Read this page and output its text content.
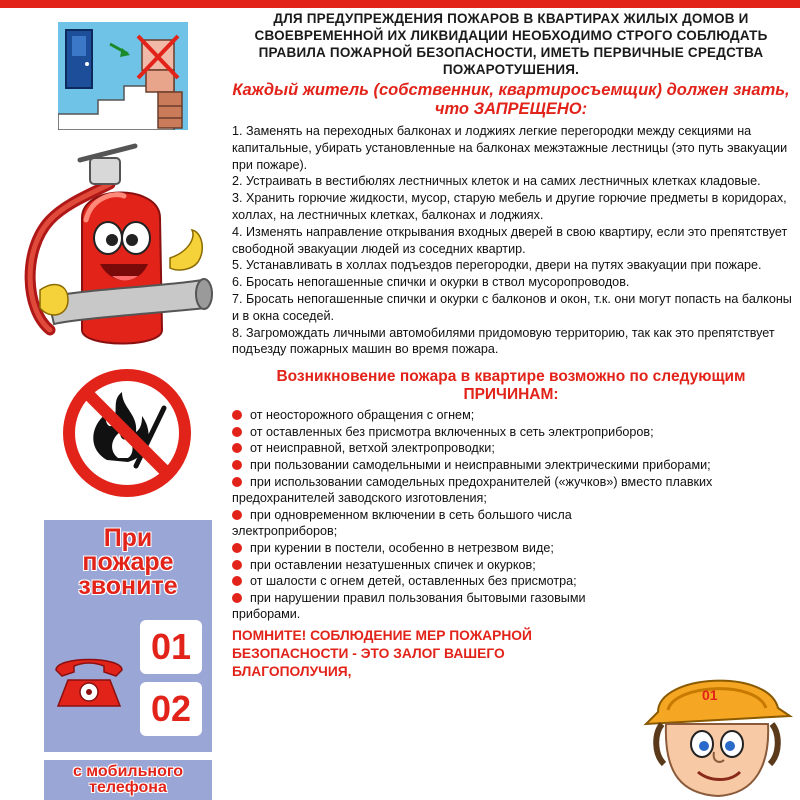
При
пожаре
звоните
01
02
с мобильного
телефона

ДЛЯ ПРЕДУПРЕЖДЕНИЯ ПОЖАРОВ В КВАРТИРАХ ЖИЛЫХ ДОМОВ И СВОЕВРЕМЕННОЙ ИХ ЛИКВИДАЦИИ НЕОБХОДИМО СТРОГО СОБЛЮДАТЬ ПРАВИЛА ПОЖАРНОЙ БЕЗОПАСНОСТИ, ИМЕТЬ ПЕРВИЧНЫЕ СРЕДСТВА ПОЖАРОТУШЕНИЯ.

Каждый житель (собственник, квартиросъемщик) должен знать, что ЗАПРЕЩЕНО:

1. Заменять на переходных балконах и лоджиях легкие перегородки между секциями на капитальные, убирать установленные на балконах межэтажные лестницы (это путь эвакуации при пожаре).
2. Устраивать в вестибюлях лестничных клеток и на самих лестничных клетках кладовые.
3. Хранить горючие жидкости, мусор, старую мебель и другие горючие предметы в коридорах, холлах, на лестничных клетках, балконах и лоджиях.
4. Изменять направление открывания входных дверей в свою квартиру, если это препятствует свободной эвакуации людей из соседних квартир.
5. Устанавливать в холлах подъездов перегородки, двери на путях эвакуации при пожаре.
6. Бросать непогашенные спички и окурки в ствол мусоропроводов.
7. Бросать непогашенные спички и окурки с балконов и окон, т.к. они могут попасть на балконы и в окна соседей.
8. Загромождать личными автомобилями придомовую территорию, так как это препятствует подъезду пожарных машин во время пожара.

Возникновение пожара в квартире возможно по следующим ПРИЧИНАМ:

от неосторожного обращения с огнем;
от оставленных без присмотра включенных в сеть электроприборов;
от неисправной, ветхой электропроводки;
при пользовании самодельными и неисправными электрическими приборами;
при использовании самодельных предохранителей («жучков») вместо плавких предохранителей заводского изготовления;
при одновременном включении в сеть большого числа электроприборов;
при курении в постели, особенно в нетрезвом виде;
при оставлении незатушенных спичек и окурков;
от шалости с огнем детей, оставленных без присмотра;
при нарушении правил пользования бытовыми газовыми приборами.

ПОМНИТЕ! СОБЛЮДЕНИЕ МЕР ПОЖАРНОЙ БЕЗОПАСНОСТИ - ЭТО ЗАЛОГ ВАШЕГО БЛАГОПОЛУЧИЯ,

01
